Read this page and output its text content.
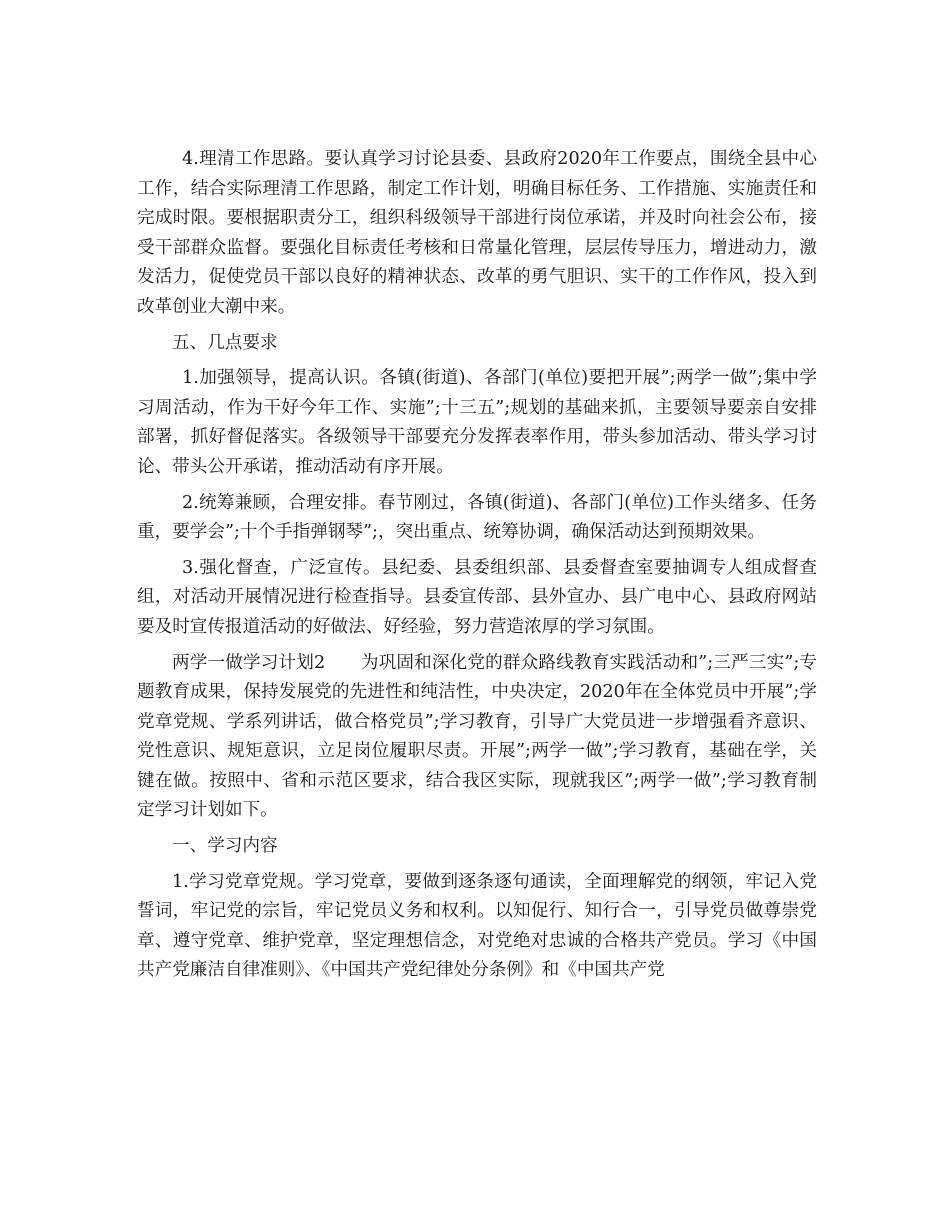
4.理清工作思路。要认真学习讨论县委、县政府2020年工作要点，围绕全县中心工作，结合实际理清工作思路，制定工作计划，明确目标任务、工作措施、实施责任和完成时限。要根据职责分工，组织科级领导干部进行岗位承诺，并及时向社会公布，接受干部群众监督。要强化目标责任考核和日常量化管理，层层传导压力，增进动力，激发活力，促使党员干部以良好的精神状态、改革的勇气胆识、实干的工作作风，投入到改革创业大潮中来。

五、几点要求

1.加强领导，提高认识。各镇(街道)、各部门(单位)要把开展”;两学一做”;集中学习周活动，作为干好今年工作、实施”;十三五”;规划的基础来抓，主要领导要亲自安排部署，抓好督促落实。各级领导干部要充分发挥表率作用，带头参加活动、带头学习讨论、带头公开承诺，推动活动有序开展。

2.统筹兼顾，合理安排。春节刚过，各镇(街道)、各部门(单位)工作头绪多、任务重，要学会”;十个手指弹钢琴”;，突出重点、统筹协调，确保活动达到预期效果。

3.强化督查，广泛宣传。县纪委、县委组织部、县委督查室要抽调专人组成督查组，对活动开展情况进行检查指导。县委宣传部、县外宣办、县广电中心、县政府网站要及时宣传报道活动的好做法、好经验，努力营造浓厚的学习氛围。

两学一做学习计划2　　为巩固和深化党的群众路线教育实践活动和”;三严三实”;专题教育成果，保持发展党的先进性和纯洁性，中央决定，2020年在全体党员中开展”;学党章党规、学系列讲话，做合格党员”;学习教育，引导广大党员进一步增强看齐意识、党性意识、规矩意识，立足岗位履职尽责。开展”;两学一做”;学习教育，基础在学，关键在做。按照中、省和示范区要求，结合我区实际，现就我区”;两学一做”;学习教育制定学习计划如下。

一、学习内容

1.学习党章党规。学习党章，要做到逐条逐句通读，全面理解党的纲领，牢记入党誓词，牢记党的宗旨，牢记党员义务和权利。以知促行、知行合一，引导党员做尊崇党章、遵守党章、维护党章，坚定理想信念，对党绝对忠诚的合格共产党员。学习《中国共产党廉洁自律准则》、《中国共产党纪律处分条例》和《中国共产党
